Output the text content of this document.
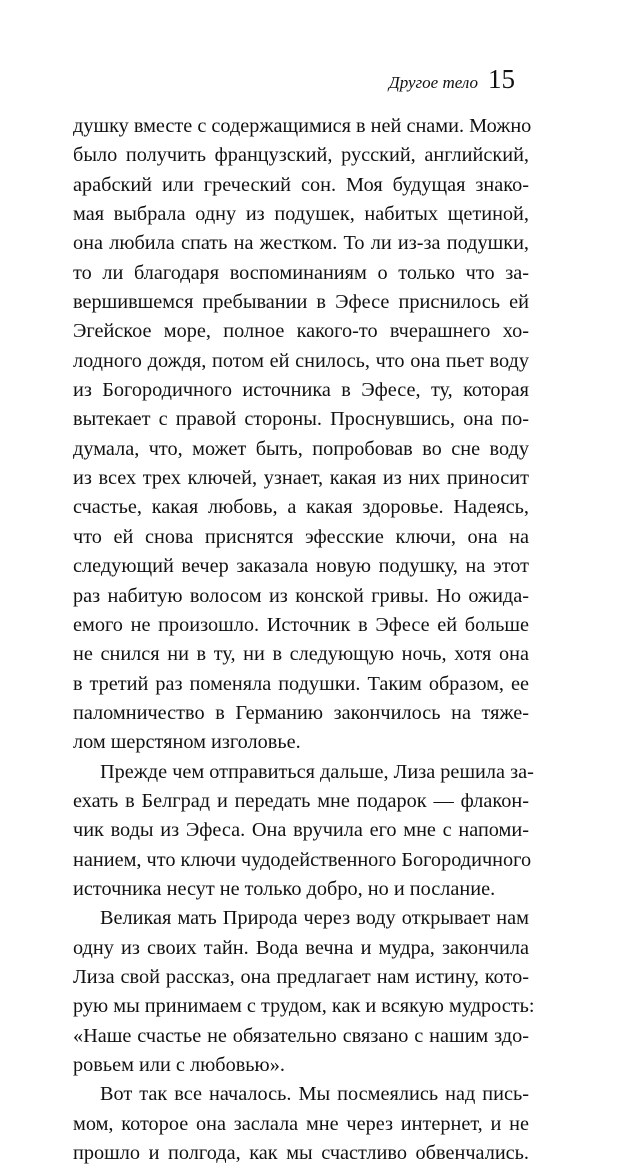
Другое тело 15
душку вместе с содержащимися в ней снами. Можно
было получить французский, русский, английский,
арабский или греческий сон. Моя будущая знако-
мая выбрала одну из подушек, набитых щетиной,
она любила спать на жестком. То ли из-за подушки,
то ли благодаря воспоминаниям о только что за-
вершившемся пребывании в Эфесе приснилось ей
Эгейское море, полное какого-то вчерашнего хо-
лодного дождя, потом ей снилось, что она пьет воду
из Богородичного источника в Эфесе, ту, которая
вытекает с правой стороны. Проснувшись, она по-
думала, что, может быть, попробовав во сне воду
из всех трех ключей, узнает, какая из них приносит
счастье, какая любовь, а какая здоровье. Надеясь,
что ей снова приснятся эфесские ключи, она на
следующий вечер заказала новую подушку, на этот
раз набитую волосом из конской гривы. Но ожида-
емого не произошло. Источник в Эфесе ей больше
не снился ни в ту, ни в следующую ночь, хотя она
в третий раз поменяла подушки. Таким образом, ее
паломничество в Германию закончилось на тяже-
лом шерстяном изголовье.
Прежде чем отправиться дальше, Лиза решила за-
ехать в Белград и передать мне подарок — флакон-
чик воды из Эфеса. Она вручила его мне с напоми-
нанием, что ключи чудодейственного Богородичного
источника несут не только добро, но и послание.
Великая мать Природа через воду открывает нам
одну из своих тайн. Вода вечна и мудра, закончила
Лиза свой рассказ, она предлагает нам истину, кото-
рую мы принимаем с трудом, как и всякую мудрость:
«Наше счастье не обязательно связано с нашим здо-
ровьем или с любовью».
Вот так все началось. Мы посмеялись над пись-
мом, которое она заслала мне через интернет, и не
прошло и полгода, как мы счастливо обвенчались.
